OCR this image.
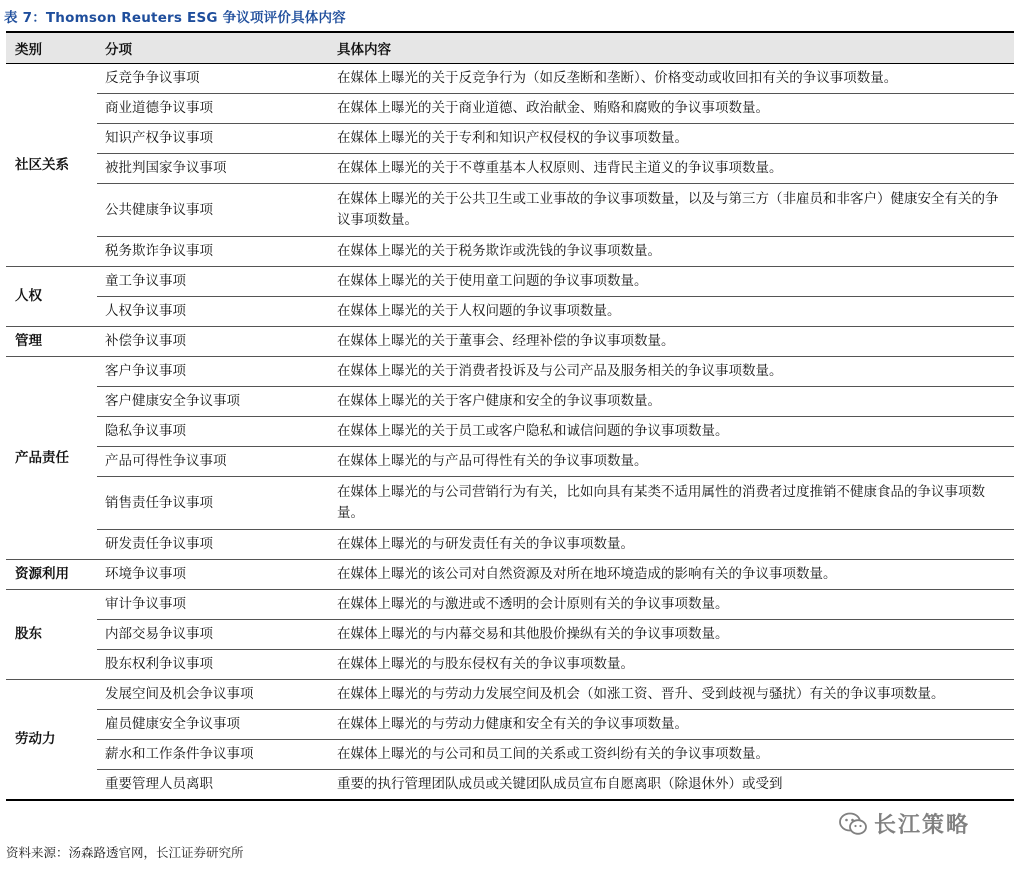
表 7：Thomson Reuters ESG 争议项评价具体内容
类别	分项	具体内容
社区关系	反竞争争议事项	在媒体上曝光的关于反竞争行为（如反垄断和垄断）、价格变动或收回扣有关的争议事项数量。
	商业道德争议事项	在媒体上曝光的关于商业道德、政治献金、贿赂和腐败的争议事项数量。
	知识产权争议事项	在媒体上曝光的关于专利和知识产权侵权的争议事项数量。
	被批判国家争议事项	在媒体上曝光的关于不尊重基本人权原则、违背民主道义的争议事项数量。
	公共健康争议事项	在媒体上曝光的关于公共卫生或工业事故的争议事项数量，以及与第三方（非雇员和非客户）健康安全有关的争议事项数量。
	税务欺诈争议事项	在媒体上曝光的关于税务欺诈或洗钱的争议事项数量。
人权	童工争议事项	在媒体上曝光的关于使用童工问题的争议事项数量。
	人权争议事项	在媒体上曝光的关于人权问题的争议事项数量。
管理	补偿争议事项	在媒体上曝光的关于董事会、经理补偿的争议事项数量。
产品责任	客户争议事项	在媒体上曝光的关于消费者投诉及与公司产品及服务相关的争议事项数量。
	客户健康安全争议事项	在媒体上曝光的关于客户健康和安全的争议事项数量。
	隐私争议事项	在媒体上曝光的关于员工或客户隐私和诚信问题的争议事项数量。
	产品可得性争议事项	在媒体上曝光的与产品可得性有关的争议事项数量。
	销售责任争议事项	在媒体上曝光的与公司营销行为有关，比如向具有某类不适用属性的消费者过度推销不健康食品的争议事项数量。
	研发责任争议事项	在媒体上曝光的与研发责任有关的争议事项数量。
资源利用	环境争议事项	在媒体上曝光的该公司对自然资源及对所在地环境造成的影响有关的争议事项数量。
股东	审计争议事项	在媒体上曝光的与激进或不透明的会计原则有关的争议事项数量。
	内部交易争议事项	在媒体上曝光的与内幕交易和其他股价操纵有关的争议事项数量。
	股东权利争议事项	在媒体上曝光的与股东侵权有关的争议事项数量。
劳动力	发展空间及机会争议事项	在媒体上曝光的与劳动力发展空间及机会（如涨工资、晋升、受到歧视与骚扰）有关的争议事项数量。
	雇员健康安全争议事项	在媒体上曝光的与劳动力健康和安全有关的争议事项数量。
	薪水和工作条件争议事项	在媒体上曝光的与公司和员工间的关系或工资纠纷有关的争议事项数量。
	重要管理人员离职	重要的执行管理团队成员或关键团队成员宣布自愿离职（除退休外）或受到
资料来源：汤森路透官网，长江证券研究所
长江策略
